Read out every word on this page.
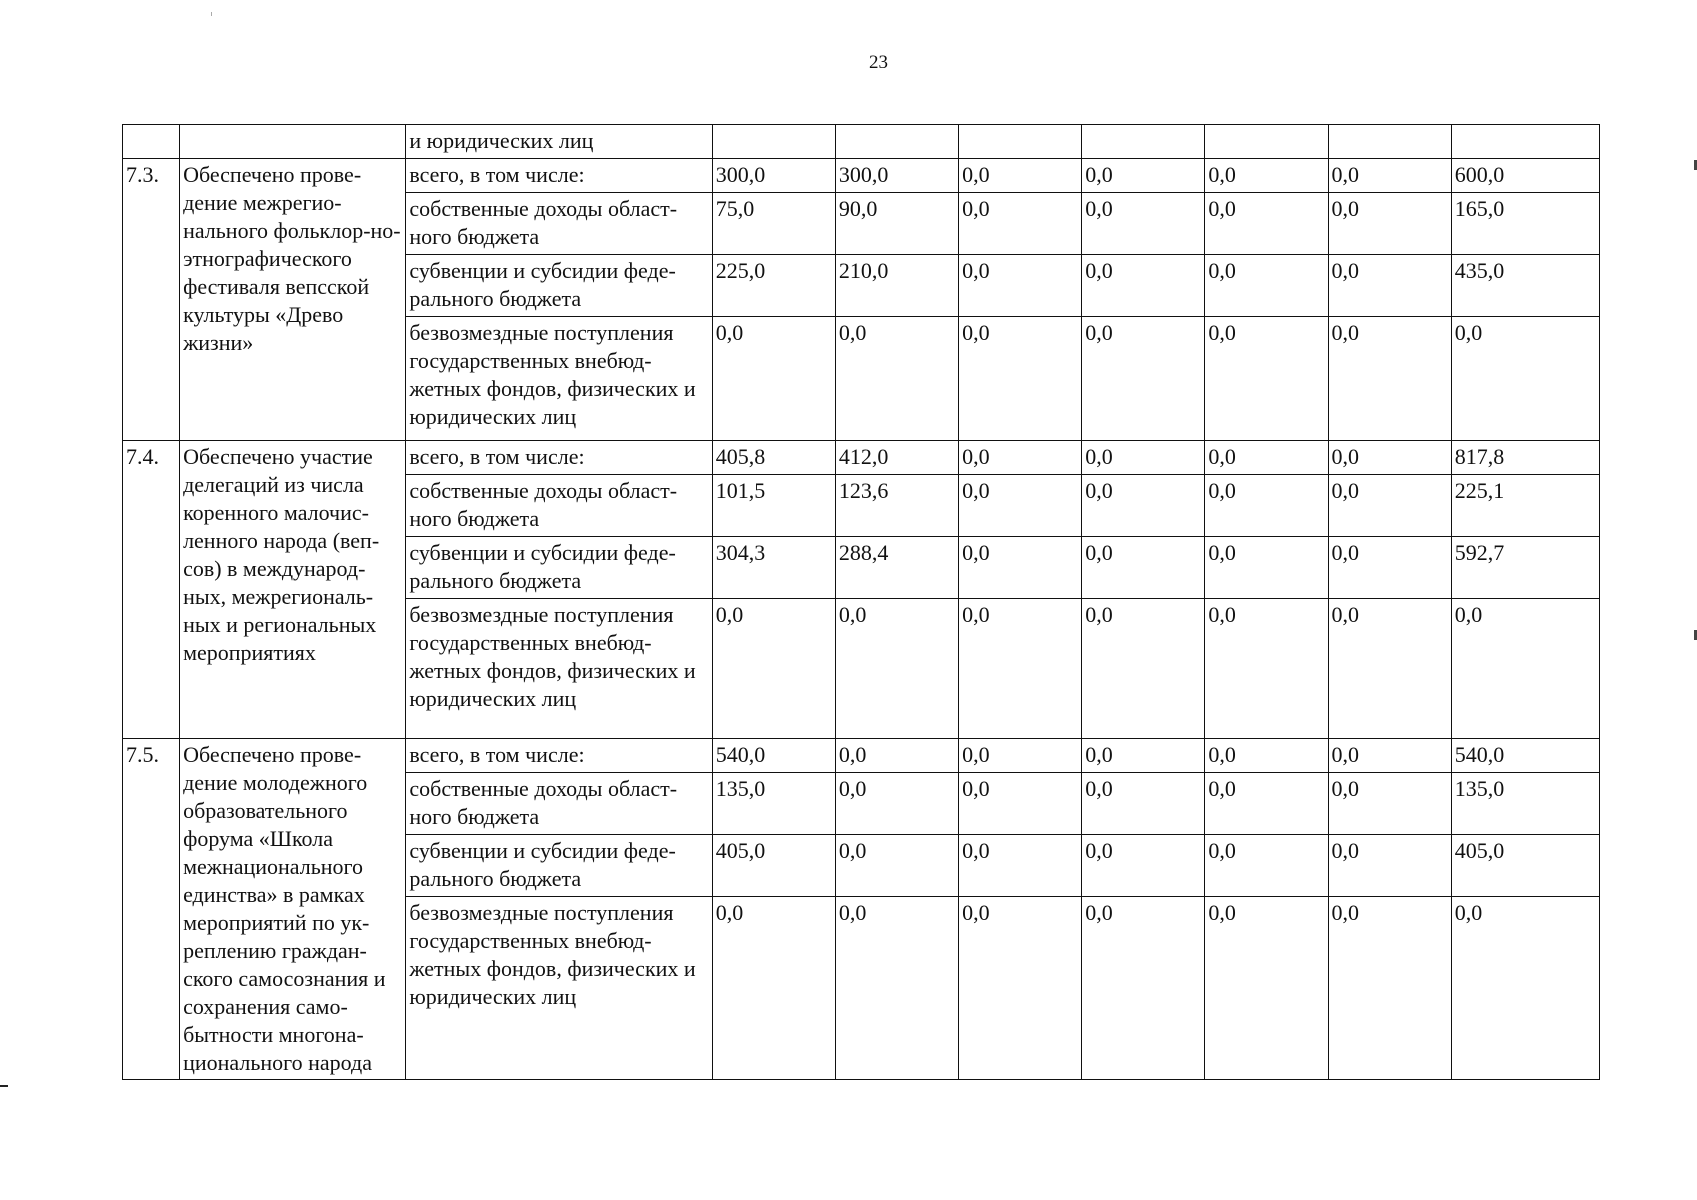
23
		и юридических лиц							
7.3.	Обеспечено прове-дение межрегио-нального фольклор-но-этнографического фестиваля вепсской культуры «Древо жизни»	всего, в том числе:	300,0	300,0	0,0	0,0	0,0	0,0	600,0
		собственные доходы област-ного бюджета	75,0	90,0	0,0	0,0	0,0	0,0	165,0
		субвенции и субсидии феде-рального бюджета	225,0	210,0	0,0	0,0	0,0	0,0	435,0
		безвозмездные поступления государственных внебюд-жетных фондов, физических и юридических лиц	0,0	0,0	0,0	0,0	0,0	0,0	0,0
7.4.	Обеспечено участие делегаций из числа коренного малочис-ленного народа (веп-сов) в международ-ных, межрегиональ-ных и региональных мероприятиях	всего, в том числе:	405,8	412,0	0,0	0,0	0,0	0,0	817,8
		собственные доходы област-ного бюджета	101,5	123,6	0,0	0,0	0,0	0,0	225,1
		субвенции и субсидии феде-рального бюджета	304,3	288,4	0,0	0,0	0,0	0,0	592,7
		безвозмездные поступления государственных внебюд-жетных фондов, физических и юридических лиц	0,0	0,0	0,0	0,0	0,0	0,0	0,0
7.5.	Обеспечено прове-дение молодежного образовательного форума «Школа межнационального единства» в рамках мероприятий по ук-реплению граждан-ского самосознания и сохранения само-бытности многона-ционального народа	всего, в том числе:	540,0	0,0	0,0	0,0	0,0	0,0	540,0
		собственные доходы област-ного бюджета	135,0	0,0	0,0	0,0	0,0	0,0	135,0
		субвенции и субсидии феде-рального бюджета	405,0	0,0	0,0	0,0	0,0	0,0	405,0
		безвозмездные поступления государственных внебюд-жетных фондов, физических и юридических лиц	0,0	0,0	0,0	0,0	0,0	0,0	0,0
